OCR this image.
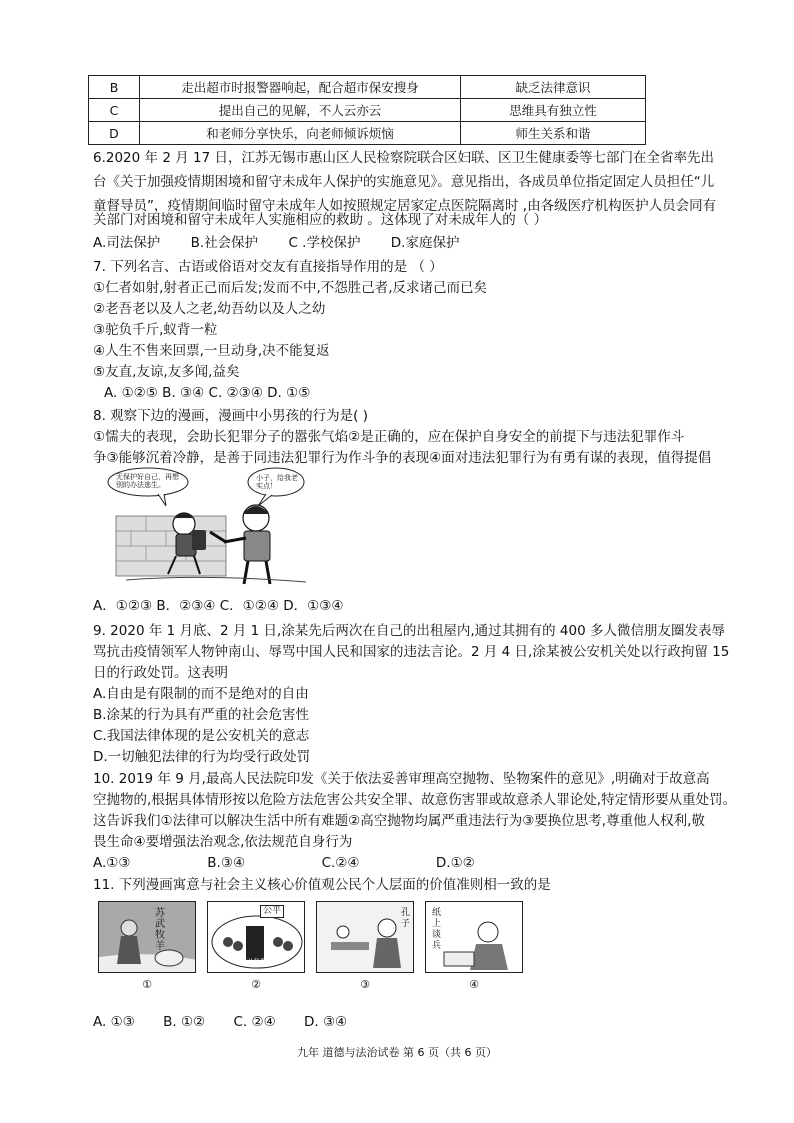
B	走出超市时报警器响起，配合超市保安搜身	缺乏法律意识
C	提出自己的见解，不人云亦云	思维具有独立性
D	和老师分享快乐，向老师倾诉烦恼	师生关系和谐
6.2020 年 2 月 17 日，江苏无锡市惠山区人民检察院联合区妇联、区卫生健康委等七部门在全省率先出
台《关于加强疫情期困境和留守未成年人保护的实施意见》。意见指出，各成员单位指定固定人员担任“儿
童督导员”，疫情期间临时留守未成年人如按照规定居家定点医院隔离时 ,由各级医疗机构医护人员会同有
关部门对困境和留守未成年人实施相应的救助 。这体现了对未成年人的（ ）
A.司法保护 B.社会保护 C .学校保护 D.家庭保护
7. 下列名言、古语或俗语对交友有直接指导作用的是 （ ）
①仁者如射,射者正己而后发;发而不中,不怨胜己者,反求诸己而已矣
②老吾老以及人之老,幼吾幼以及人之幼
③驼负千斤,蚁背一粒
④人生不售来回票,一旦动身,决不能复返
⑤友直,友谅,友多闻,益矣
A. ①②⑤ B. ③④ C. ②③④ D. ①⑤
8. 观察下边的漫画，漫画中小男孩的行为是( )
①懦夫的表现，会助长犯罪分子的嚣张气焰②是正确的，应在保护自身安全的前提下与违法犯罪作斗
争③能够沉着冷静，是善于同违法犯罪行为作斗争的表现④面对违法犯罪行为有勇有谋的表现，值得提倡
无保护好自己，再想别的办法逃生。
小子，给我老实点！
A．①②③ B．②③④ C．①②④ D．①③④
9. 2020 年 1 月底、2 月 1 日,涂某先后两次在自己的出租屋内,通过其拥有的 400 多人微信朋友圈发表辱
骂抗击疫情领军人物钟南山、辱骂中国人民和国家的违法言论。2 月 4 日,涂某被公安机关处以行政拘留 15
日的行政处罚。这表明
A.自由是有限制的而不是绝对的自由
B.涂某的行为具有严重的社会危害性
C.我国法律体现的是公安机关的意志
D.一切触犯法律的行为均受行政处罚
10. 2019 年 9 月,最高人民法院印发《关于依法妥善审理高空抛物、坠物案件的意见》,明确对于故意高
空抛物的,根据具体情形按以危险方法危害公共安全罪、故意伤害罪或故意杀人罪论处,特定情形要从重处罚。
这告诉我们①法律可以解决生活中所有难题②高空抛物均属严重违法行为③要换位思考,尊重他人权利,敬
畏生命④要增强法治观念,依法规范自身行为
A.①③	B.③④	C.②④	D.①②
11. 下列漫画寓意与社会主义核心价值观公民个人层面的价值准则相一致的是
苏武牧羊
公平
义务教育
孔子
纸上谈兵
①	②	③	④
A. ①③ B. ①② C. ②④ D. ③④
九年 道德与法治试卷 第 6 页（共 6 页）
